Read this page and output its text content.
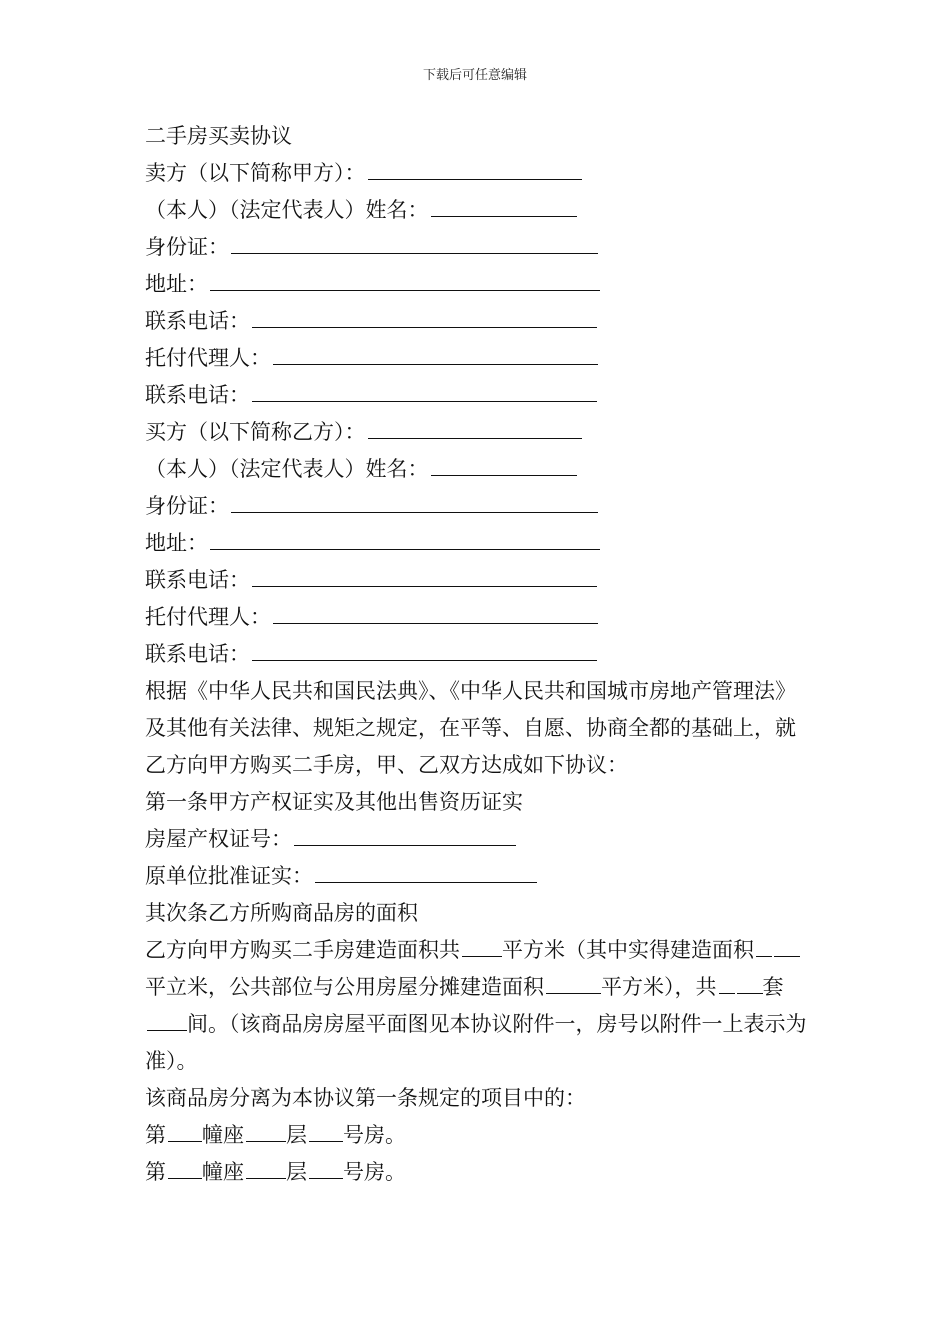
下载后可任意编辑
二手房买卖协议
卖方（以下简称甲方）：
（本人）（法定代表人）姓名：
身份证：
地址：
联系电话：
托付代理人：
联系电话：
买方（以下简称乙方）：
（本人）（法定代表人）姓名：
身份证：
地址：
联系电话：
托付代理人：
联系电话：
根据《中华人民共和国民法典》、《中华人民共和国城市房地产管理法》及其他有关法律、规矩之规定，在平等、自愿、协商全都的基础上，就乙方向甲方购买二手房，甲、乙双方达成如下协议：
第一条甲方产权证实及其他出售资历证实
房屋产权证号：
原单位批准证实：
其次条乙方所购商品房的面积
乙方向甲方购买二手房建造面积共 平方米（其中实得建造面积平立米，公共部位与公用房屋分摊建造面积	平方米），共 套间。（该商品房房屋平面图见本协议附件一，房号以附件一上表示为准）。
该商品房分离为本协议第一条规定的项目中的：
第 幢座 层 号房。
第 幢座 层 号房。
